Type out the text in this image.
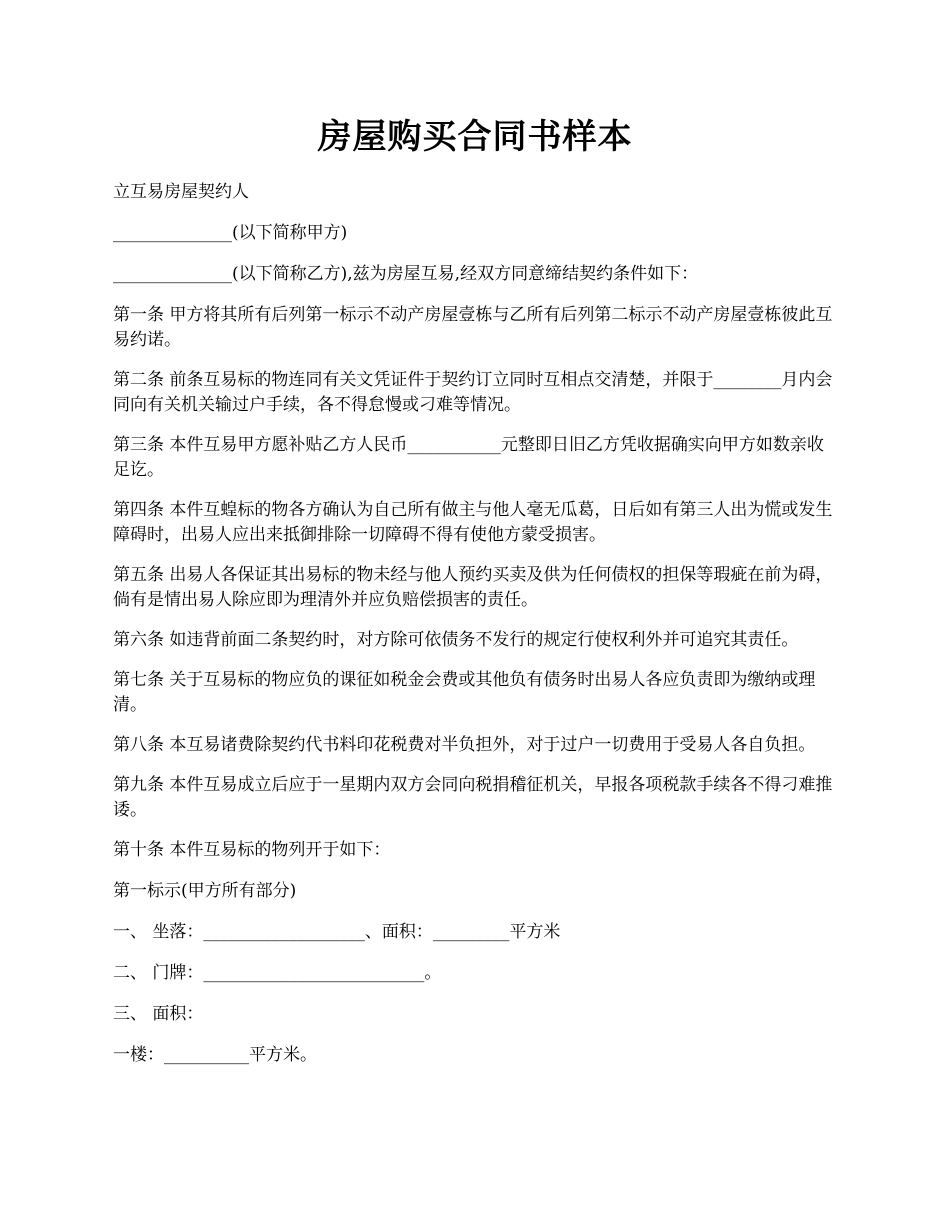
房屋购买合同书样本
立互易房屋契约人
______________(以下简称甲方)
______________(以下简称乙方),兹为房屋互易,经双方同意缔结契约条件如下：
第一条 甲方将其所有后列第一标示不动产房屋壹栋与乙所有后列第二标示不动产房屋壹栋彼此互易约诺。
第二条 前条互易标的物连同有关文凭证件于契约订立同时互相点交清楚，并限于________月内会同向有关机关输过户手续，各不得怠慢或刁难等情况。
第三条 本件互易甲方愿补贴乙方人民币___________元整即日旧乙方凭收据确实向甲方如数亲收足讫。
第四条 本件互蝗标的物各方确认为自己所有做主与他人毫无瓜葛，日后如有第三人出为慌或发生障碍时，出易人应出来抵御排除一切障碍不得有使他方蒙受损害。
第五条 出易人各保证其出易标的物未经与他人预约买卖及供为任何债权的担保等瑕疵在前为碍，倘有是情出易人除应即为理清外并应负赔偿损害的责任。
第六条 如违背前面二条契约时，对方除可依债务不发行的规定行使权利外并可追究其责任。
第七条 关于互易标的物应负的课征如税金会费或其他负有债务时出易人各应负责即为缴纳或理清。
第八条 本互易诸费除契约代书料印花税费对半负担外，对于过户一切费用于受易人各自负担。
第九条 本件互易成立后应于一星期内双方会同向税捐稽征机关，早报各项税款手续各不得刁难推诿。
第十条 本件互易标的物列开于如下：
第一标示(甲方所有部分)
一、 坐落：___________________、面积：_________平方米
二、 门牌：__________________________。
三、 面积：
一楼：__________平方米。
